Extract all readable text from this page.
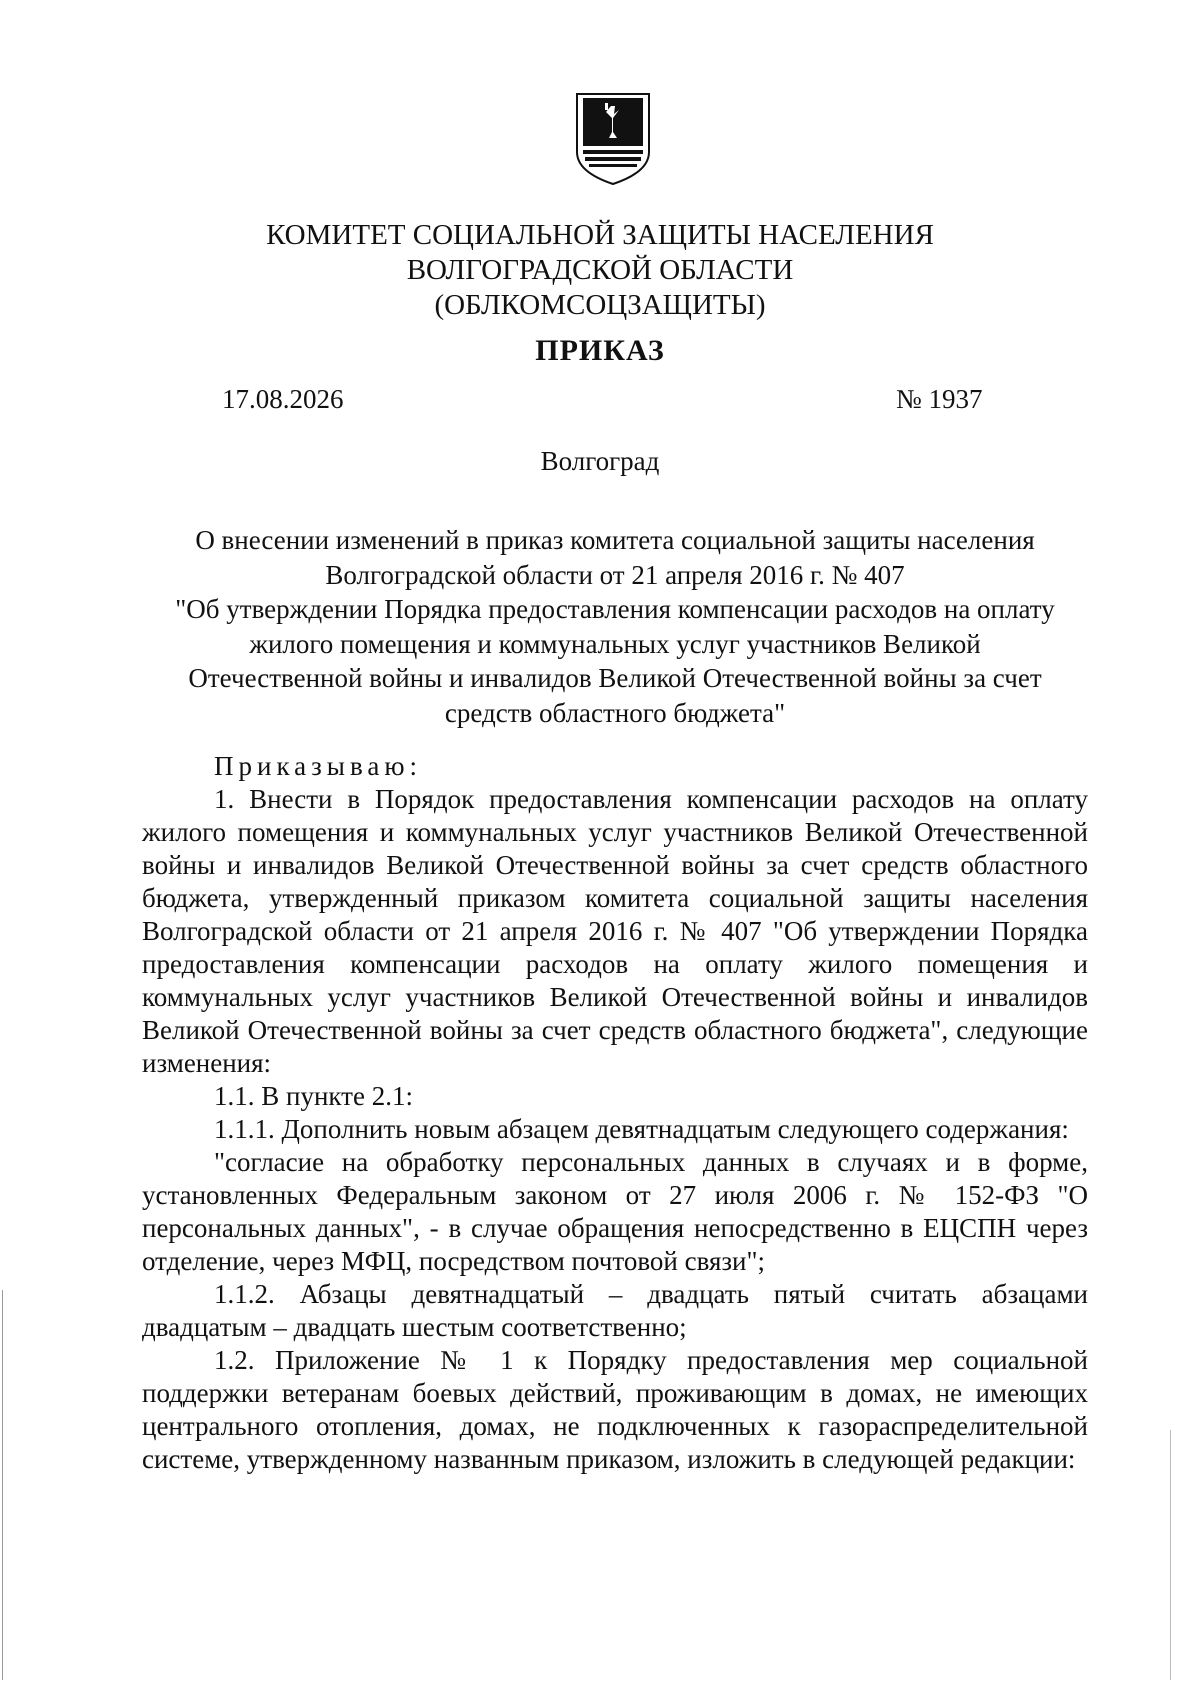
КОМИТЕТ СОЦИАЛЬНОЙ ЗАЩИТЫ НАСЕЛЕНИЯ
ВОЛГОГРАДСКОЙ ОБЛАСТИ
(ОБЛКОМСОЦЗАЩИТЫ)
ПРИКАЗ
17.08.2026	№ 1937
Волгоград
О внесении изменений в приказ комитета социальной защиты населения
Волгоградской области от 21 апреля 2016 г. № 407
"Об утверждении Порядка предоставления компенсации расходов на оплату
жилого помещения и коммунальных услуг участников Великой
Отечественной войны и инвалидов Великой Отечественной войны за счет
средств областного бюджета"

Приказываю:

1. Внести в Порядок предоставления компенсации расходов на оплату жилого помещения и коммунальных услуг участников Великой Отечественной войны и инвалидов Великой Отечественной войны за счет средств областного бюджета, утвержденный приказом комитета социальной защиты населения Волгоградской области от 21 апреля 2016 г. № 407 "Об утверждении Порядка предоставления компенсации расходов на оплату жилого помещения и коммунальных услуг участников Великой Отечественной войны и инвалидов Великой Отечественной войны за счет средств областного бюджета", следующие изменения:

1.1. В пункте 2.1:

1.1.1. Дополнить новым абзацем девятнадцатым следующего содержания:

"согласие на обработку персональных данных в случаях и в форме, установленных Федеральным законом от 27 июля 2006 г. № 152-ФЗ "О персональных данных", - в случае обращения непосредственно в ЕЦСПН через отделение, через МФЦ, посредством почтовой связи";

1.1.2. Абзацы девятнадцатый – двадцать пятый считать абзацами двадцатым – двадцать шестым соответственно;

1.2. Приложение № 1 к Порядку предоставления мер социальной поддержки ветеранам боевых действий, проживающим в домах, не имеющих центрального отопления, домах, не подключенных к газораспределительной системе, утвержденному названным приказом, изложить в следующей редакции:
